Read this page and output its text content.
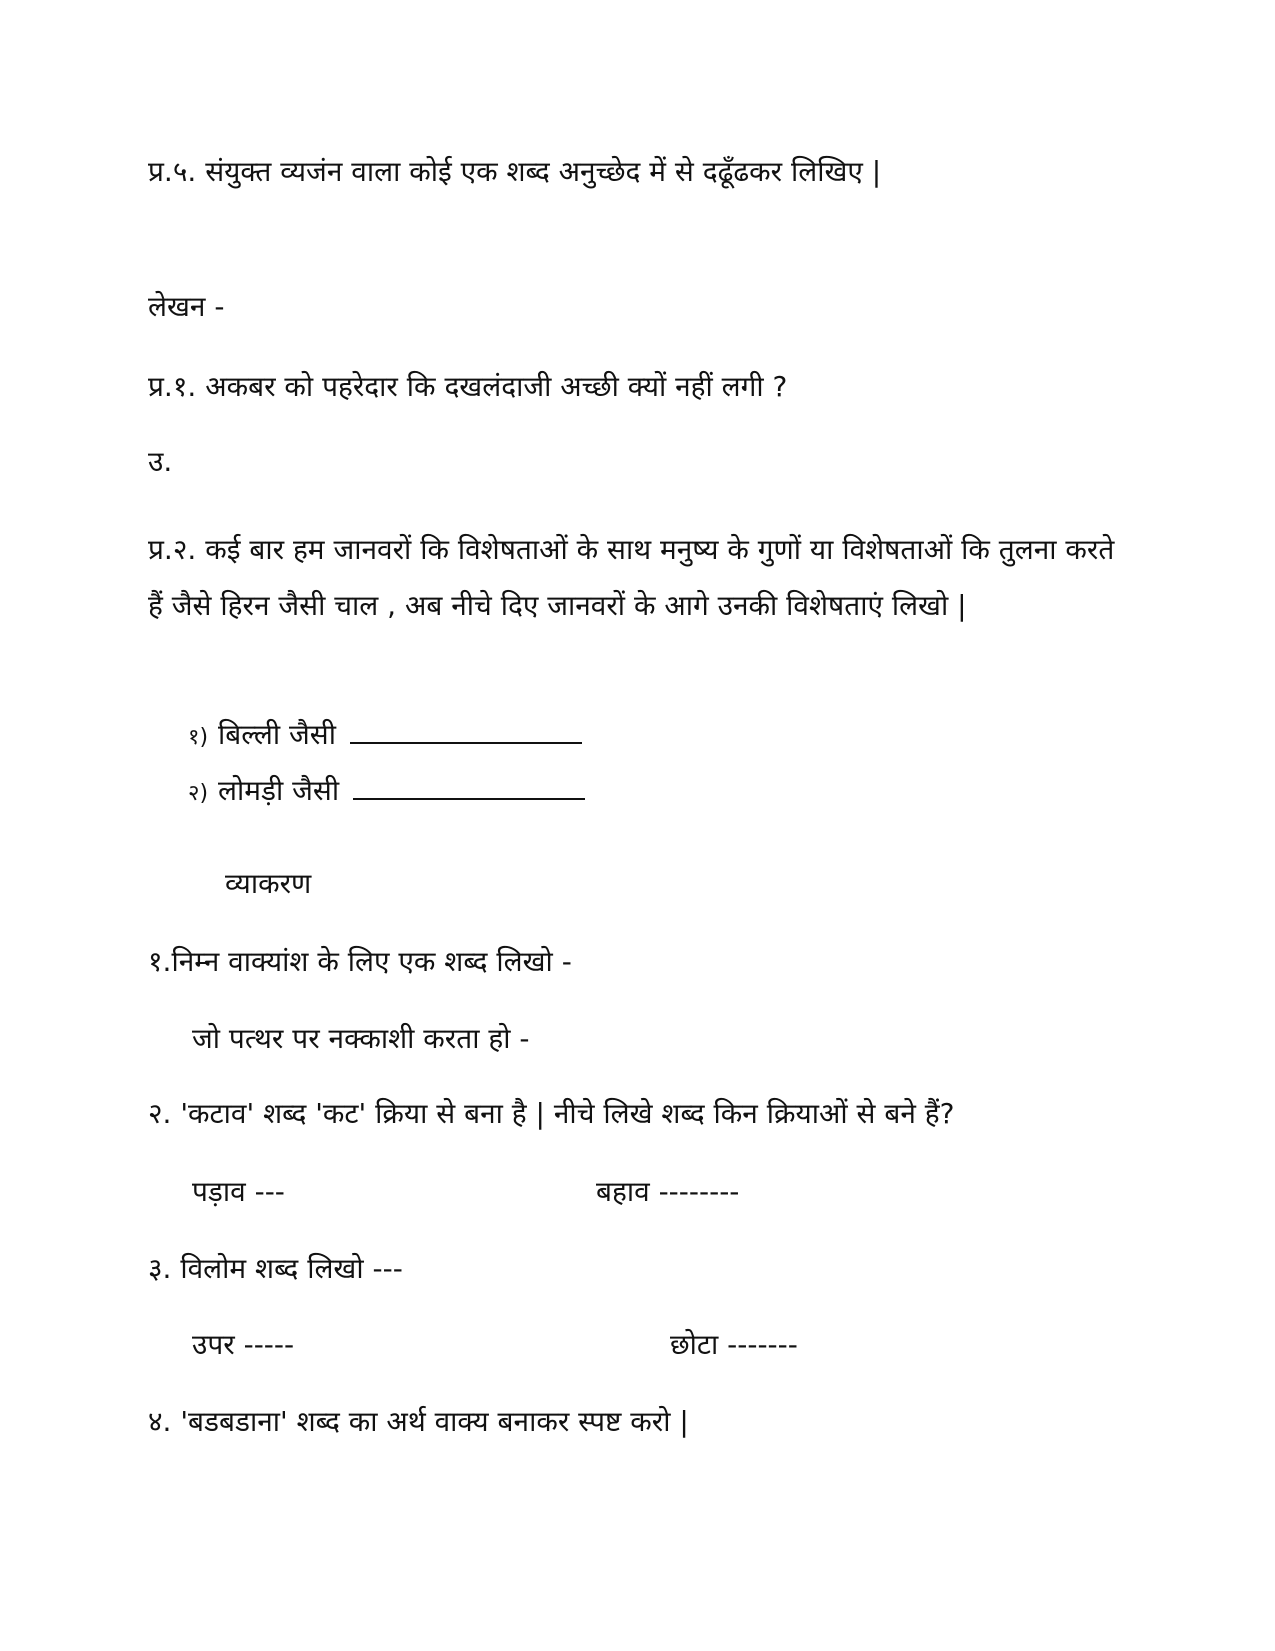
प्र.५. संयुक्त व्यजंन वाला कोई एक शब्द अनुच्छेद में से दढूँढकर लिखिए |
लेखन -
प्र.१. अकबर को पहरेदार कि दखलंदाजी अच्छी क्यों नहीं लगी ?
उ.
प्र.२. कई बार हम जानवरों कि विशेषताओं के साथ मनुष्य के गुणों या विशेषताओं कि तुलना करते हैं जैसे हिरन जैसी चाल , अब नीचे दिए जानवरों के आगे उनकी विशेषताएं लिखो |
१) बिल्ली जैसी
२) लोमड़ी जैसी
व्याकरण
१.निम्न वाक्यांश के लिए एक शब्द लिखो -
जो पत्थर पर नक्काशी करता हो -
२. 'कटाव' शब्द 'कट' क्रिया से बना है | नीचे लिखे शब्द किन क्रियाओं से बने हैं?
पड़ाव ---	बहाव --------
३. विलोम शब्द लिखो ---
उपर -----	छोटा -------
४. 'बडबडाना' शब्द का अर्थ वाक्य बनाकर स्पष्ट करो |
